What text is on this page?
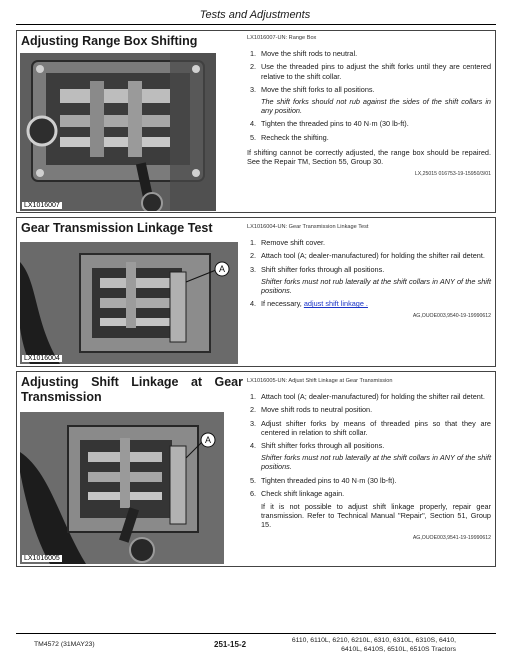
Tests and Adjustments
Adjusting Range Box Shifting
LX1016007
LX1016007-UN: Range Box
1. Move the shift rods to neutral.
2. Use the threaded pins to adjust the shift forks until they are centered relative to the shift collar.
3. Move the shift forks to all positions.
The shift forks should not rub against the sides of the shift collars in any position.
4. Tighten the threaded pins to 40 N·m (30 lb-ft).
5. Recheck the shifting.
If shifting cannot be correctly adjusted, the range box should be repaired. See the Repair TM, Section 55, Group 30.
LX,25015 016753-19-15950/3/01
Gear Transmission Linkage Test
A
LX1016004
LX1016004-UN: Gear Transmission Linkage Test
1. Remove shift cover.
2. Attach tool (A; dealer-manufactured) for holding the shifter rail detent.
3. Shift shifter forks through all positions.
Shifter forks must not rub laterally at the shift collars in ANY of the shift positions.
4. If necessary, adjust shift linkage .
AG,OUOE003,9540-19-19990612
Adjusting Shift Linkage at Gear Transmission
A
LX1016005
LX1016005-UN: Adjust Shift Linkage at Gear Transmission
1. Attach tool (A; dealer-manufactured) for holding the shifter rail detent.
2. Move shift rods to neutral position.
3. Adjust shifter forks by means of threaded pins so that they are centered in relation to shift collar.
4. Shift shifter forks through all positions.
Shifter forks must not rub laterally at the shift collars in ANY of the shift positions.
5. Tighten threaded pins to 40 N·m (30 lb-ft).
6. Check shift linkage again.
If it is not possible to adjust shift linkage properly, repair gear transmission. Refer to Technical Manual "Repair", Section 51, Group 15.
AG,OUOE003,9541-19-19990612
TM4572 (31MAY23)	251-15-2	6110, 6110L, 6210, 6210L, 6310, 6310L, 6310S, 6410, 6410L, 6410S, 6510L, 6510S Tractors
